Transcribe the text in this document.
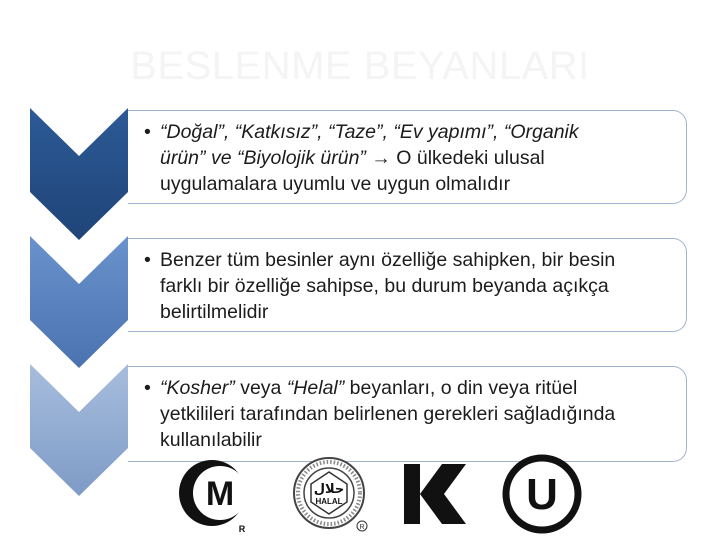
BESLENME BEYANLARI
• “Doğal”, “Katkısız”, “Taze”, “Ev yapımı”, “Organik
ürün” ve “Biyolojik ürün” → O ülkedeki ulusal
uygulamalara uyumlu ve uygun olmalıdır
• Benzer tüm besinler aynı özelliğe sahipken, bir besin
farklı bir özelliğe sahipse, bu durum beyanda açıkça
belirtilmelidir
• “Kosher” veya “Helal” beyanları, o din veya ritüel
yetkilileri tarafından belirlenen gerekleri sağladığında
kullanılabilir
M
R
حلال
HALAL
R
U
